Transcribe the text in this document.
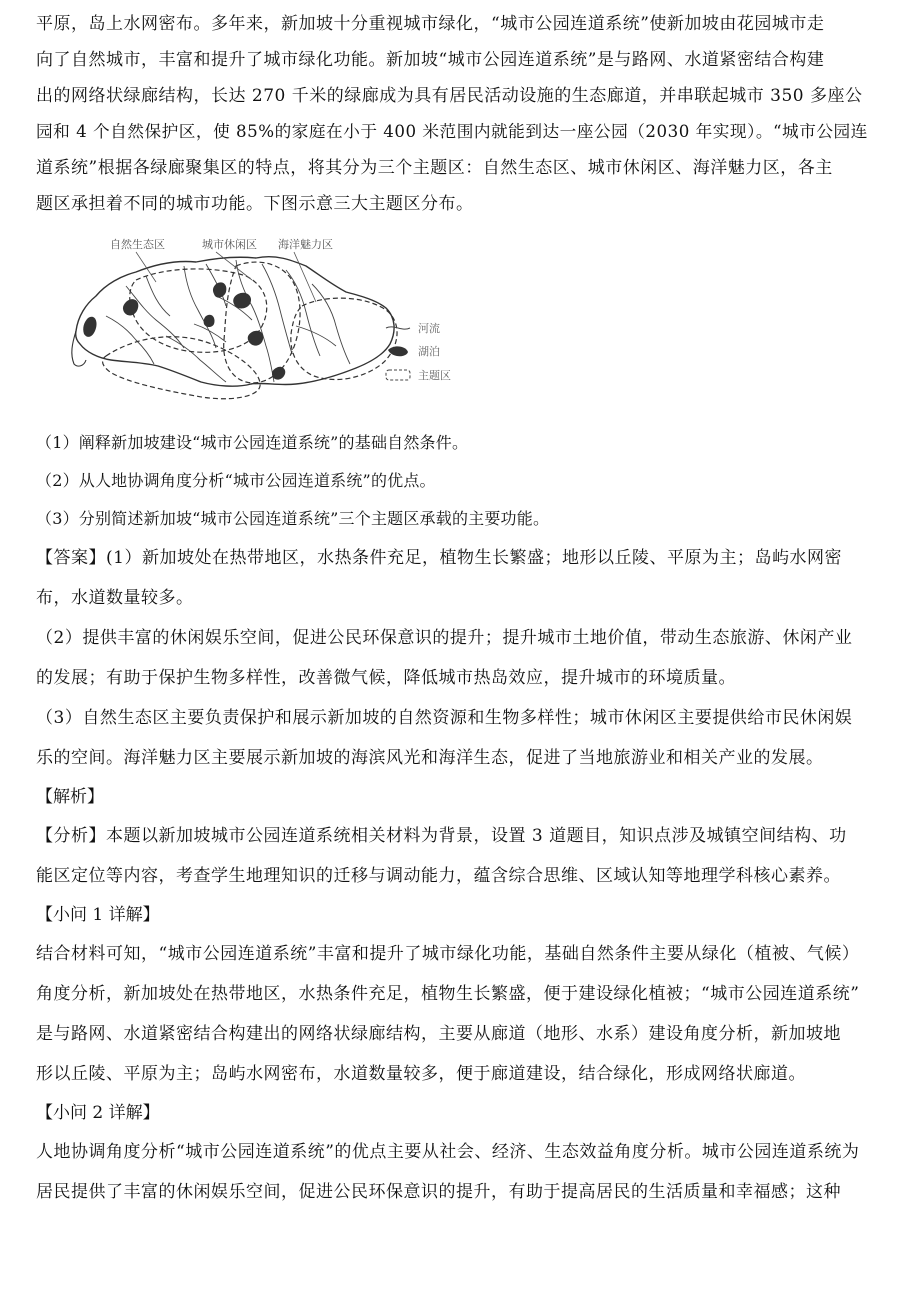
平原，岛上水网密布。多年来，新加坡十分重视城市绿化，“城市公园连道系统”使新加坡由花园城市走
向了自然城市，丰富和提升了城市绿化功能。新加坡“城市公园连道系统”是与路网、水道紧密结合构建
出的网络状绿廊结构，长达 270 千米的绿廊成为具有居民活动设施的生态廊道，并串联起城市 350 多座公
园和 4 个自然保护区，使 85%的家庭在小于 400 米范围内就能到达一座公园（2030 年实现）。“城市公园连
道系统”根据各绿廊聚集区的特点，将其分为三个主题区：自然生态区、城市休闲区、海洋魅力区，各主
题区承担着不同的城市功能。下图示意三大主题区分布。
自然生态区	城市休闲区 海洋魅力区
河流
湖泊
主题区
（1）阐释新加坡建设“城市公园连道系统”的基础自然条件。
（2）从人地协调角度分析“城市公园连道系统”的优点。
（3）分别简述新加坡“城市公园连道系统”三个主题区承载的主要功能。
【答案】(1）新加坡处在热带地区，水热条件充足，植物生长繁盛；地形以丘陵、平原为主；岛屿水网密
布，水道数量较多。
（2）提供丰富的休闲娱乐空间，促进公民环保意识的提升；提升城市土地价值，带动生态旅游、休闲产业
的发展；有助于保护生物多样性，改善微气候，降低城市热岛效应，提升城市的环境质量。
（3）自然生态区主要负责保护和展示新加坡的自然资源和生物多样性；城市休闲区主要提供给市民休闲娱
乐的空间。海洋魅力区主要展示新加坡的海滨风光和海洋生态，促进了当地旅游业和相关产业的发展。

【解析】

【分析】本题以新加坡城市公园连道系统相关材料为背景，设置 3 道题目，知识点涉及城镇空间结构、功
能区定位等内容，考查学生地理知识的迁移与调动能力，蕴含综合思维、区域认知等地理学科核心素养。

【小问 1 详解】

结合材料可知，“城市公园连道系统”丰富和提升了城市绿化功能，基础自然条件主要从绿化（植被、气候）
角度分析，新加坡处在热带地区，水热条件充足，植物生长繁盛，便于建设绿化植被；“城市公园连道系统”
是与路网、水道紧密结合构建出的网络状绿廊结构，主要从廊道（地形、水系）建设角度分析，新加坡地
形以丘陵、平原为主；岛屿水网密布，水道数量较多，便于廊道建设，结合绿化，形成网络状廊道。

【小问 2 详解】

人地协调角度分析“城市公园连道系统”的优点主要从社会、经济、生态效益角度分析。城市公园连道系统为
居民提供了丰富的休闲娱乐空间，促进公民环保意识的提升，有助于提高居民的生活质量和幸福感；这种
